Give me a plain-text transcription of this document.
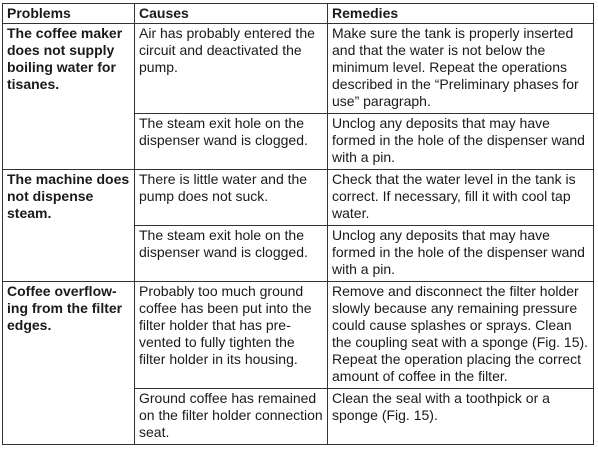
Problems	Causes	Remedies
The coffee maker does not supply boiling water for tisanes.	Air has probably entered the circuit and deactivated the pump.	Make sure the tank is properly inserted and that the water is not below the minimum level. Repeat the operations described in the “Preliminary phases for use” paragraph.
	The steam exit hole on the dispenser wand is clogged.	Unclog any deposits that may have formed in the hole of the dispenser wand with a pin.
The machine does not dispense steam.	There is little water and the pump does not suck.	Check that the water level in the tank is correct. If necessary, fill it with cool tap water.
	The steam exit hole on the dispenser wand is clogged.	Unclog any deposits that may have formed in the hole of the dispenser wand with a pin.
Coffee overflow-ing from the filter edges.	Probably too much ground coffee has been put into the filter holder that has pre-vented to fully tighten the filter holder in its housing.	Remove and disconnect the filter holder slowly because any remaining pressure could cause splashes or sprays. Clean the coupling seat with a sponge (Fig. 15). Repeat the operation placing the correct amount of coffee in the filter.
	Ground coffee has remained on the filter holder connection seat.	Clean the seal with a toothpick or a sponge (Fig. 15).
